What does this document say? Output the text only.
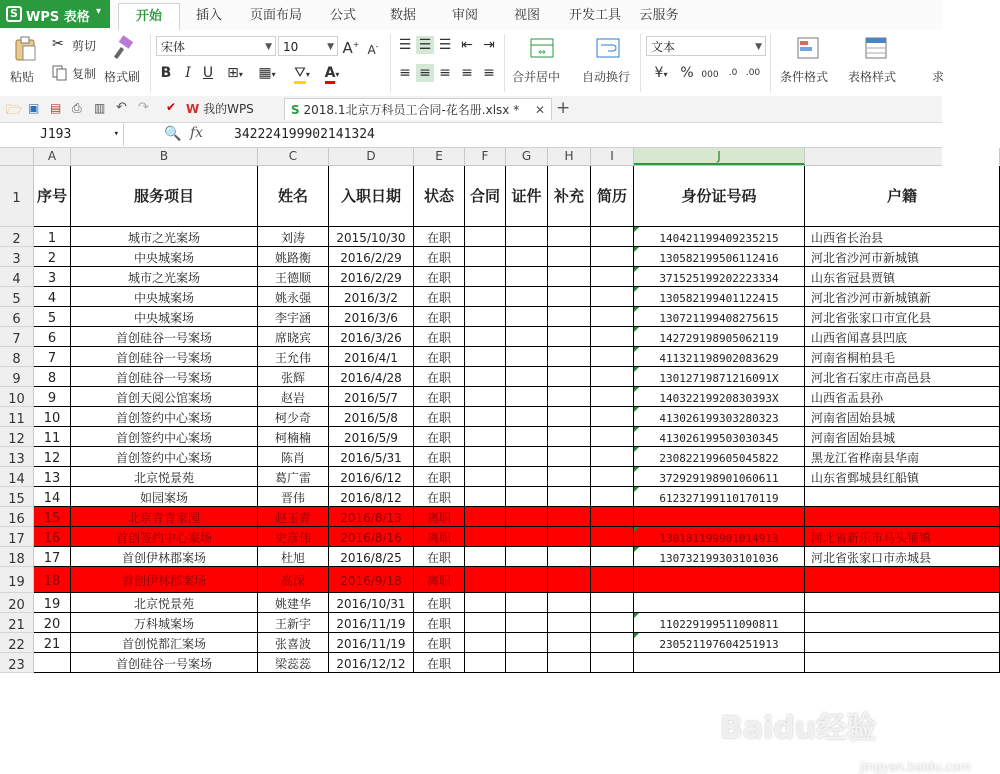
S WPS 表格 ▾	开始	插入	页面布局	公式	数据	审阅	视图	开发工具	云服务
粘贴
✂ 剪切
复制 格式刷
宋体	▼ 10	▼ A+ A-
B I U	⊞▾	▦▾	⛛▾	A▾
☰ ☰ ☰ ⇤ ⇥
≡ ≡ ≡ ≡ ≡
⇔
合并居中 自动换行
文本	▼
¥▾ % 000	.0 .00 条件格式 表格样式	求
🗁 ▣ ▤ ⎙ ▥ ↶ ↷ ✔ W 我的WPS	S 2018.1北京万科员工合同-花名册.xlsx * ✕ +
J193	▾	🔍 fx 342224199902141324
A	B	C	D	E	F	G	H	I	J
1	序号	服务项目	姓名	入职日期	状态	合同 证件 补充 简历	身份证号码	户籍
2	1	城市之光案场	刘涛	2015/10/30	在职	140421199409235215	山西省长治县
3	2	中央城案场	姚路衡	2016/2/29	在职	130582199506112416	河北省沙河市新城镇
4	3	城市之光案场	王德顺	2016/2/29	在职	371525199202223334	山东省冠县贾镇
5	4	中央城案场	姚永强	2016/3/2	在职	130582199401122415	河北省沙河市新城镇新
6	5	中央城案场	李宇涵	2016/3/6	在职	130721199408275615	河北省张家口市宣化县
7	6	首创硅谷一号案场	席晓宾	2016/3/26	在职	142729198905062119	山西省闻喜县凹底
8	7	首创硅谷一号案场	王允伟	2016/4/1	在职	411321198902083629	河南省桐柏县毛
9	8	首创硅谷一号案场	张辉	2016/4/28	在职	13012719871216091X	河北省石家庄市高邑县
10	9	首创天阅公馆案场	赵岩	2016/5/7	在职	14032219920830393X	山西省盂县孙
11	10	首创签约中心案场	柯少奇	2016/5/8	在职	413026199303280323	河南省固始县城
12	11	首创签约中心案场	柯楠楠	2016/5/9	在职	413026199503030345	河南省固始县城
13	12	首创签约中心案场	陈肖	2016/5/31	在职	230822199605045822	黑龙江省桦南县华南
14	13	北京悦景苑	葛广雷	2016/6/12	在职	372929198901060611	山东省鄄城县红船镇
15	14	如园案场	晋伟	2016/8/12	在职	612327199110170119
16	15	北京青青家园	赵玉青	2016/8/13	离职
17	16	首创签约中心案场	史彦伟	2016/8/16	离职	130181199901014913	河北省新乐市马头铺镇
18	17	首创伊林郡案场	杜旭	2016/8/25	在职	130732199303101036	河北省张家口市赤城县
19	18	首创伊林郡案场	高深	2016/9/18	离职
20	19	北京悦景苑	姚建华	2016/10/31	在职
21	20	万科城案场	王新宇	2016/11/19	在职	110229199511090811
22	21	首创悦都汇案场	张喜波	2016/11/19	在职	230521197604251913
23	首创硅谷一号案场	梁蕊蕊	2016/12/12	在职
Baidu经验
jingyan.baidu.com
